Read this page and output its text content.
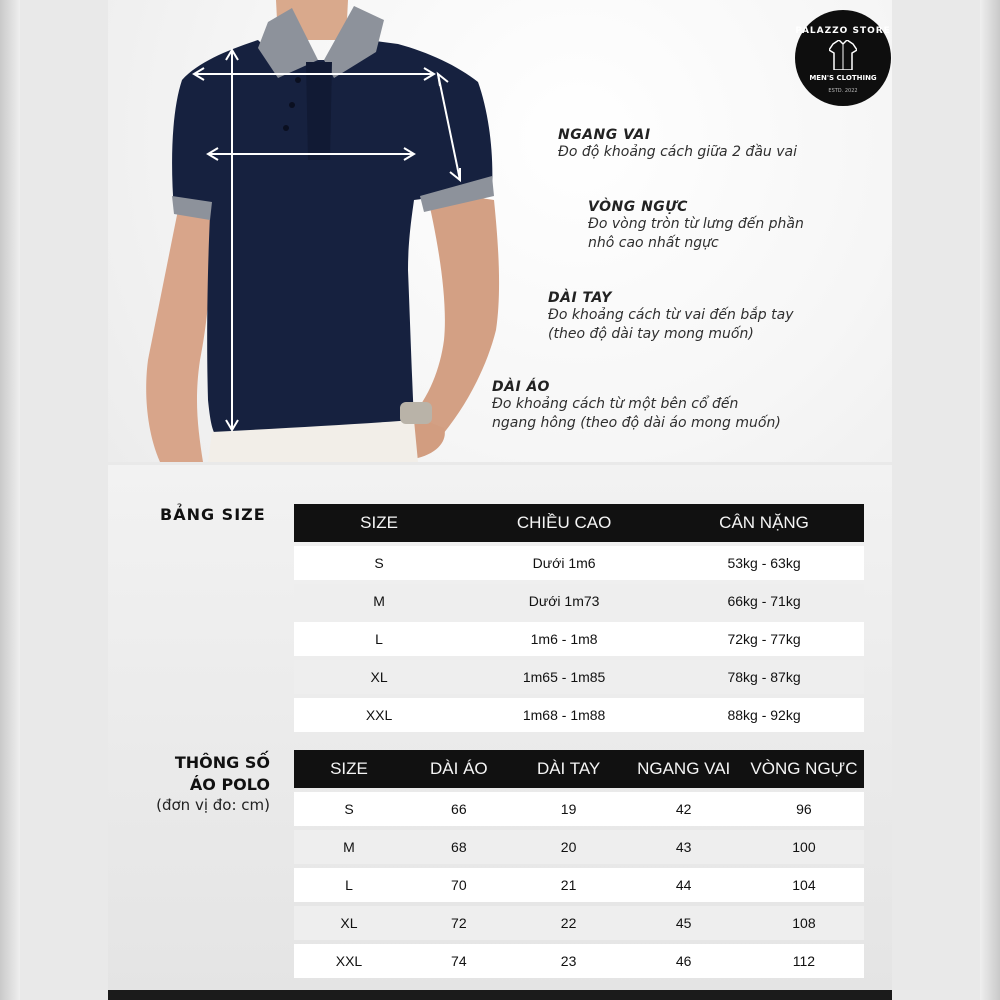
PALAZZO STORE
MEN'S CLOTHING
ESTD. 2022
NGANG VAI
Đo độ khoảng cách giữa 2 đầu vai
VÒNG NGỰC
Đo vòng tròn từ lưng đến phần
nhô cao nhất ngực
DÀI TAY
Đo khoảng cách từ vai đến bắp tay
(theo độ dài tay mong muốn)
DÀI ÁO
Đo khoảng cách từ một bên cổ đến
ngang hông (theo độ dài áo mong muốn)
BẢNG SIZE	SIZE	CHIỀU CAO	CÂN NẶNG
S	Dưới 1m6	53kg - 63kg
M	Dưới 1m73	66kg - 71kg
L	1m6 - 1m8	72kg - 77kg
XL	1m65 - 1m85	78kg - 87kg
XXL	1m68 - 1m88	88kg - 92kg
THÔNG SỐ
ÁO POLO
(đơn vị đo: cm)
SIZE	DÀI ÁO	DÀI TAY	NGANG VAI	VÒNG NGỰC
S	66	19	42	96
M	68	20	43	100
L	70	21	44	104
XL	72	22	45	108
XXL	74	23	46	112
